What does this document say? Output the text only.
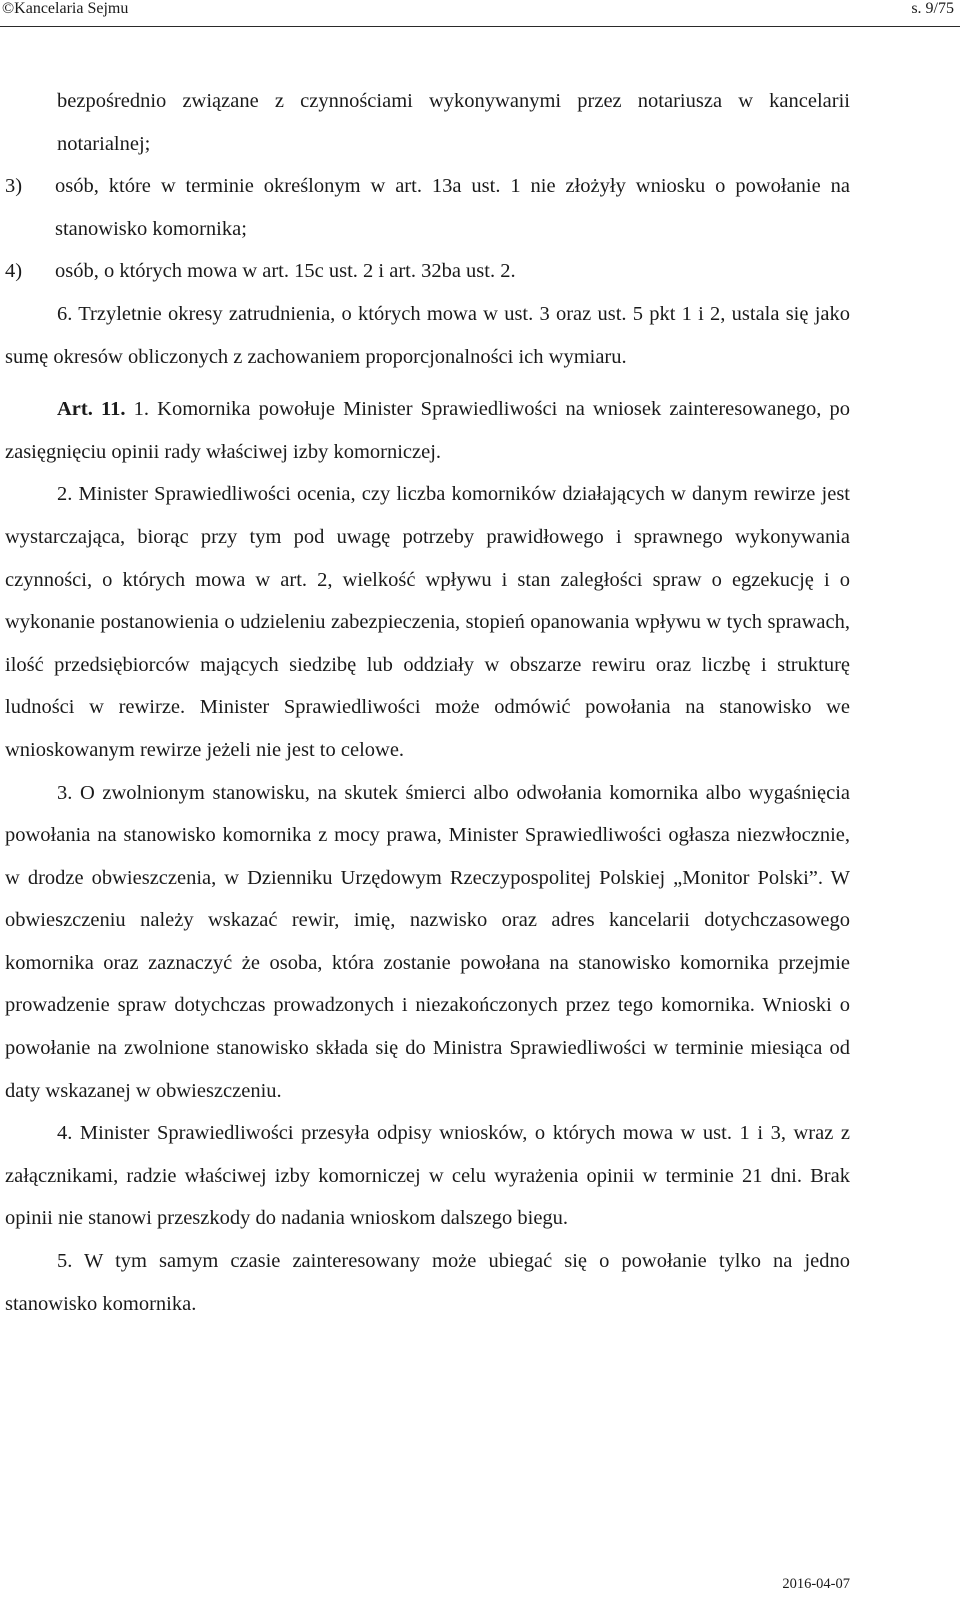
©Kancelaria Sejmu	s. 9/75

bezpośrednio związane z czynnościami wykonywanymi przez notariusza w kancelarii notarialnej;

3) osób, które w terminie określonym w art. 13a ust. 1 nie złożyły wniosku o powołanie na stanowisko komornika;

4) osób, o których mowa w art. 15c ust. 2 i art. 32ba ust. 2.

6. Trzyletnie okresy zatrudnienia, o których mowa w ust. 3 oraz ust. 5 pkt 1 i 2, ustala się jako sumę okresów obliczonych z zachowaniem proporcjonalności ich wymiaru.

Art. 11. 1. Komornika powołuje Minister Sprawiedliwości na wniosek zainteresowanego, po zasięgnięciu opinii rady właściwej izby komorniczej.

2. Minister Sprawiedliwości ocenia, czy liczba komorników działających w danym rewirze jest wystarczająca, biorąc przy tym pod uwagę potrzeby prawidłowego i sprawnego wykonywania czynności, o których mowa w art. 2, wielkość wpływu i stan zaległości spraw o egzekucję i o wykonanie postanowienia o udzieleniu zabezpieczenia, stopień opanowania wpływu w tych sprawach, ilość przedsiębiorców mających siedzibę lub oddziały w obszarze rewiru oraz liczbę i strukturę ludności w rewirze. Minister Sprawiedliwości może odmówić powołania na stanowisko we wnioskowanym rewirze jeżeli nie jest to celowe.

3. O zwolnionym stanowisku, na skutek śmierci albo odwołania komornika albo wygaśnięcia powołania na stanowisko komornika z mocy prawa, Minister Sprawiedliwości ogłasza niezwłocznie, w drodze obwieszczenia, w Dzienniku Urzędowym Rzeczypospolitej Polskiej „Monitor Polski”. W obwieszczeniu należy wskazać rewir, imię, nazwisko oraz adres kancelarii dotychczasowego komornika oraz zaznaczyć że osoba, która zostanie powołana na stanowisko komornika przejmie prowadzenie spraw dotychczas prowadzonych i niezakończonych przez tego komornika. Wnioski o powołanie na zwolnione stanowisko składa się do Ministra Sprawiedliwości w terminie miesiąca od daty wskazanej w obwieszczeniu.

4. Minister Sprawiedliwości przesyła odpisy wniosków, o których mowa w ust. 1 i 3, wraz z załącznikami, radzie właściwej izby komorniczej w celu wyrażenia opinii w terminie 21 dni. Brak opinii nie stanowi przeszkody do nadania wnioskom dalszego biegu.

5. W tym samym czasie zainteresowany może ubiegać się o powołanie tylko na jedno stanowisko komornika.

2016-04-07
